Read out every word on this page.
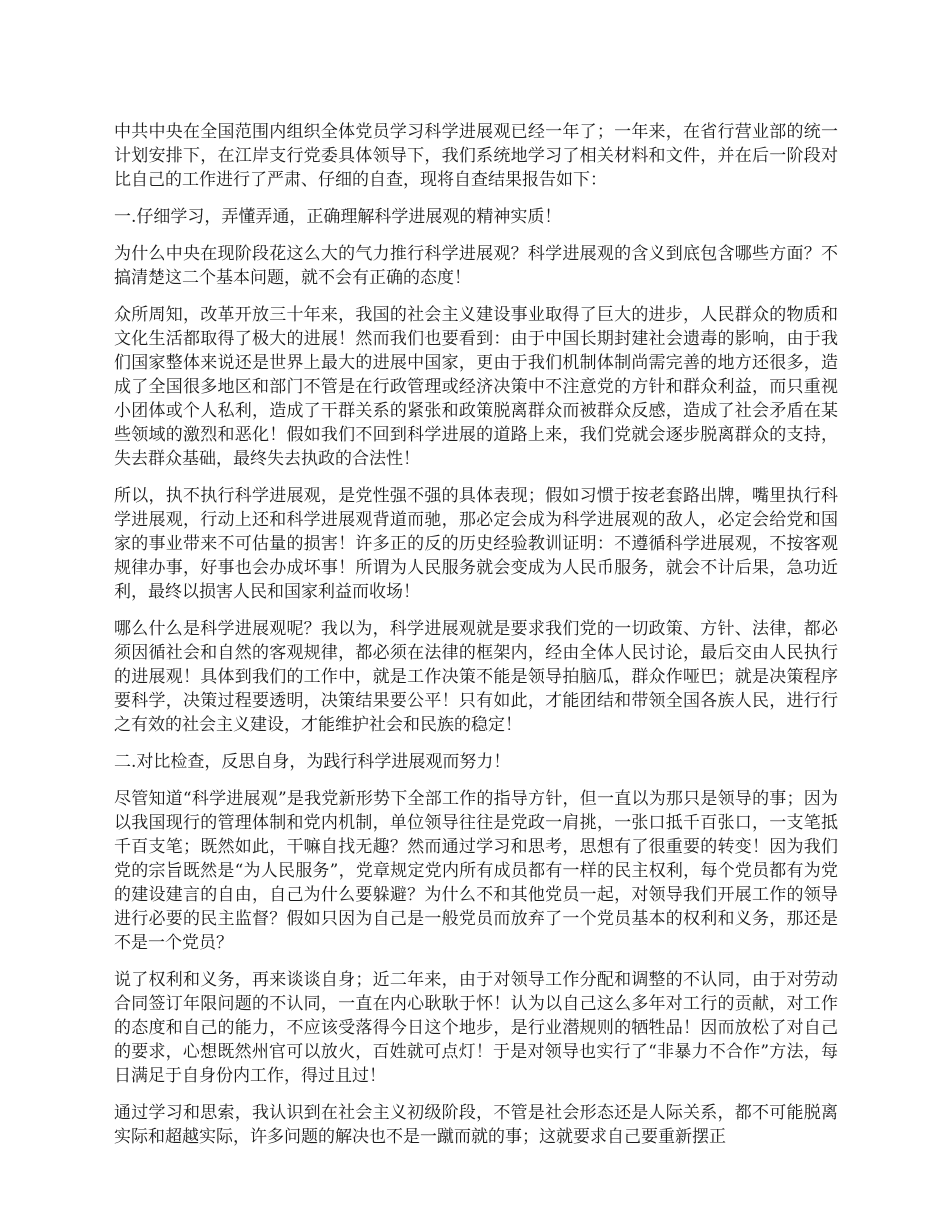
中共中央在全国范围内组织全体党员学习科学进展观已经一年了；一年来，在省行营业部的统一计划安排下，在江岸支行党委具体领导下，我们系统地学习了相关材料和文件，并在后一阶段对比自己的工作进行了严肃、仔细的自查，现将自查结果报告如下：

一.仔细学习，弄懂弄通，正确理解科学进展观的精神实质！

为什么中央在现阶段花这么大的气力推行科学进展观？科学进展观的含义到底包含哪些方面？不搞清楚这二个基本问题，就不会有正确的态度！

众所周知，改革开放三十年来，我国的社会主义建设事业取得了巨大的进步，人民群众的物质和文化生活都取得了极大的进展！然而我们也要看到：由于中国长期封建社会遗毒的影响，由于我们国家整体来说还是世界上最大的进展中国家，更由于我们机制体制尚需完善的地方还很多，造成了全国很多地区和部门不管是在行政管理或经济决策中不注意党的方针和群众利益，而只重视小团体或个人私利，造成了干群关系的紧张和政策脱离群众而被群众反感，造成了社会矛盾在某些领域的激烈和恶化！假如我们不回到科学进展的道路上来，我们党就会逐步脱离群众的支持，失去群众基础，最终失去执政的合法性！

所以，执不执行科学进展观，是党性强不强的具体表现；假如习惯于按老套路出牌，嘴里执行科学进展观，行动上还和科学进展观背道而驰，那必定会成为科学进展观的敌人，必定会给党和国家的事业带来不可估量的损害！许多正的反的历史经验教训证明：不遵循科学进展观，不按客观规律办事，好事也会办成坏事！所谓为人民服务就会变成为人民币服务，就会不计后果，急功近利，最终以损害人民和国家利益而收场！

哪么什么是科学进展观呢？我以为，科学进展观就是要求我们党的一切政策、方针、法律，都必须因循社会和自然的客观规律，都必须在法律的框架内，经由全体人民讨论，最后交由人民执行的进展观！具体到我们的工作中，就是工作决策不能是领导拍脑瓜，群众作哑巴；就是决策程序要科学，决策过程要透明，决策结果要公平！只有如此，才能团结和带领全国各族人民，进行行之有效的社会主义建设，才能维护社会和民族的稳定！

二.对比检查，反思自身，为践行科学进展观而努力！

尽管知道“科学进展观”是我党新形势下全部工作的指导方针，但一直以为那只是领导的事；因为以我国现行的管理体制和党内机制，单位领导往往是党政一肩挑，一张口抵千百张口，一支笔抵千百支笔；既然如此，干嘛自找无趣？然而通过学习和思考，思想有了很重要的转变！因为我们党的宗旨既然是“为人民服务”，党章规定党内所有成员都有一样的民主权利，每个党员都有为党的建设建言的自由，自己为什么要躲避？为什么不和其他党员一起，对领导我们开展工作的领导进行必要的民主监督？假如只因为自己是一般党员而放弃了一个党员基本的权利和义务，那还是不是一个党员？

说了权利和义务，再来谈谈自身；近二年来，由于对领导工作分配和调整的不认同，由于对劳动合同签订年限问题的不认同，一直在内心耿耿于怀！认为以自己这么多年对工行的贡献，对工作的态度和自己的能力，不应该受落得今日这个地步，是行业潜规则的牺牲品！因而放松了对自己的要求，心想既然州官可以放火，百姓就可点灯！于是对领导也实行了“非暴力不合作”方法，每日满足于自身份内工作，得过且过！

通过学习和思索，我认识到在社会主义初级阶段，不管是社会形态还是人际关系，都不可能脱离实际和超越实际，许多问题的解决也不是一蹴而就的事；这就要求自己要重新摆正
